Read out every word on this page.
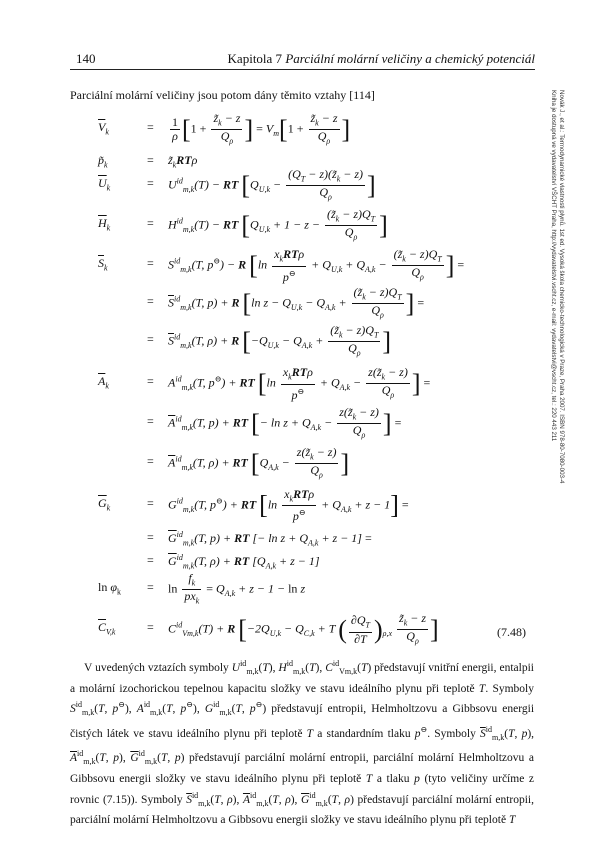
140	Kapitola 7 Parciální molární veličiny a chemický potenciál
Novák J., et al.: Termodynamické vlastnosti plynů. 1st ed. Vysoká škola chemicko-technologická v Praze, Praha 2007. ISBN 978-80-7080-003-4
Kniha je dostupná ve vydavatelství VŠCHT Praha, http://vydavatelstvi.vscht.cz, e-mail: vydavatelstvi@vscht.cz, tel.: 220 443 211
Parciální molární veličiny jsou potom dány těmito vztahy [114]
$\overline{V}_k$	= $\frac{1}{\rho} [1 + \frac{z̃_k - z}{Q_\rho}$ ] = $V_m[1 + \frac{z̃_k - z}{Q_\rho}$ ]
$p̃_k$	= $z̃_kRT\rho$
$\overline{U}_k$	= $U^{id}_{m,k}(T)$ − RT [$Q_{U,k} - \frac{(Q_T - z)(z̃_k - z)}{Q_\rho}$ ]
$\overline{H}_k$	= $H^{id}_{m,k}(T)$ − RT [$Q_{U,k} + 1 - z - \frac{(z̃_k - z)Q_T}{Q_\rho}$ ]
$\overline{S}_k$	= $S^{id}_{m,k}(T$, p⊖) − R [$\ln \frac{x_kRT\rho}{p^⊖} + Q_{U,k} + Q_{A,k} - \frac{(z̃_k - z)Q_T}{Q_\rho}$ ] =
= $\overline{S}^{id}_{m,k}(T$, p) + R [ln $z - Q_{U,k} - Q_{A,k} + \frac{(z̃_k - z)Q_T}{Q_\rho}$ ] =
= $\overline{S}^{id}_{m,k}(T$, ρ) + R [$-Q_{U,k} - Q_{A,k} + \frac{(z̃_k - z)Q_T}{Q_\rho}$ ]
$\overline{A}_k$	= $A^{id}_{m,k}(T$, p⊖) + RT [$\ln \frac{x_kRT\rho}{p^⊖} + Q_{A,k} - \frac{z(z̃_k - z)}{Q_\rho}$ ] =
= $\overline{A}^{id}_{m,k}(T$, p) + RT [− $\ln z + Q_{A,k} - \frac{z(z̃_k - z)}{Q_\rho}$ ] =
= $\overline{A}^{id}_{m,k}(T$, ρ) + RT [$Q_{A,k} - \frac{z(z̃_k - z)}{Q_\rho}$ ]
$\overline{G}_k$	= $G^{id}_{m,k}(T$, p⊖) + RT $[\ln \frac{x_kRT\rho}{p^⊖} + Q_{A,k} + z - 1]$ =
= $\overline{G}^{id}_{m,k}(T$, p) + RT [− $\ln z + Q_{A,k} + z - 1$] =
= $\overline{G}^{id}_{m,k}(T$, ρ) + RT $[Q_{A,k} + z - 1]$
$\ln \varphi_k = \ln \frac{f_k}{px_k} = Q_{A,k} + z - 1 - \ln z$
$\overline{C}_{V,k}$	= $C^{id}_{Vm,k}(T) + R$ [$-2Q_{U,k} - Q_{C,k} + T$ ( $\frac{\partial Q_T}{\partial T} )_{\rho,x} \frac{z̃_k - z}{Q_\rho}$ ]	(7.48)

V uvedených vztazích symboly $U^{id}_{m,k}(T)$, $H^{id}_{m,k}(T)$, $C^{id}_{Vm,k}(T)$ představují vnitřní energii, entalpii a molární izochorickou tepelnou kapacitu složky ve stavu ideálního plynu při teplotě T. Symboly $S^{id}_{m,k}(T$, p⊖), $A^{id}_{m,k}(T$, p⊖), $G^{id}_{m,k}(T$, p⊖) představují entropii, Helmholtzovu a Gibbsovu energii čistých látek ve stavu ideálního plynu při teplotě T a standardním tlaku p⊖. Symboly $\overline{S}^{id}_{m,k}(T$, p), $\overline{A}^{id}_{m,k}(T$, p), $\overline{G}^{id}_{m,k}(T$, p) představují parciální molární entropii, parciální molární Helmholtzovu a Gibbsovu energii složky ve stavu ideálního plynu při teplotě T a tlaku p (tyto veličiny určíme z rovnic (7.15)). Symboly $\overline{S}^{id}_{m,k}(T$, ρ), $\overline{A}^{id}_{m,k}(T$, ρ), $\overline{G}^{id}_{m,k}(T$, ρ) představují parciální molární entropii, parciální molární Helmholtzovu a Gibbsovu energii složky ve stavu ideálního plynu při teplotě T
